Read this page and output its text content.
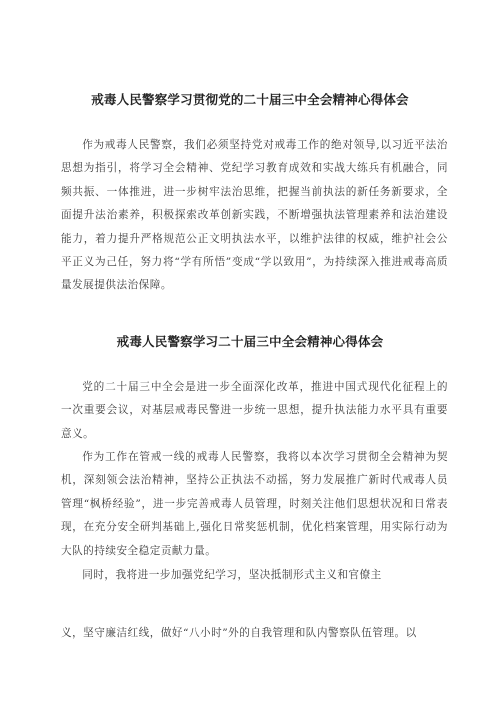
戒毒人民警察学习贯彻党的二十届三中全会精神心得体会

作为戒毒人民警察，我们必须坚持党对戒毒工作的绝对领导,以习近平法治思想为指引，将学习全会精神、党纪学习教育成效和实战大练兵有机融合，同频共振、一体推进，进一步树牢法治思维，把握当前执法的新任务新要求，全面提升法治素养，积极探索改革创新实践，不断增强执法管理素养和法治建设能力，着力提升严格规范公正文明执法水平，以维护法律的权威，维护社会公平正义为己任，努力将“学有所悟”变成“学以致用”，为持续深入推进戒毒高质量发展提供法治保障。

戒毒人民警察学习二十届三中全会精神心得体会

党的二十届三中全会是进一步全面深化改革，推进中国式现代化征程上的一次重要会议，对基层戒毒民警进一步统一思想，提升执法能力水平具有重要意义。

作为工作在管戒一线的戒毒人民警察，我将以本次学习贯彻全会精神为契机，深刻领会法治精神，坚持公正执法不动摇，努力发展推广新时代戒毒人员管理“枫桥经验”，进一步完善戒毒人员管理，时刻关注他们思想状况和日常表现，在充分安全研判基础上,强化日常奖惩机制，优化档案管理，用实际行动为大队的持续安全稳定贡献力量。

同时，我将进一步加强党纪学习，坚决抵制形式主义和官僚主

义，坚守廉洁红线，做好“八小时”外的自我管理和队内警察队伍管理。以
